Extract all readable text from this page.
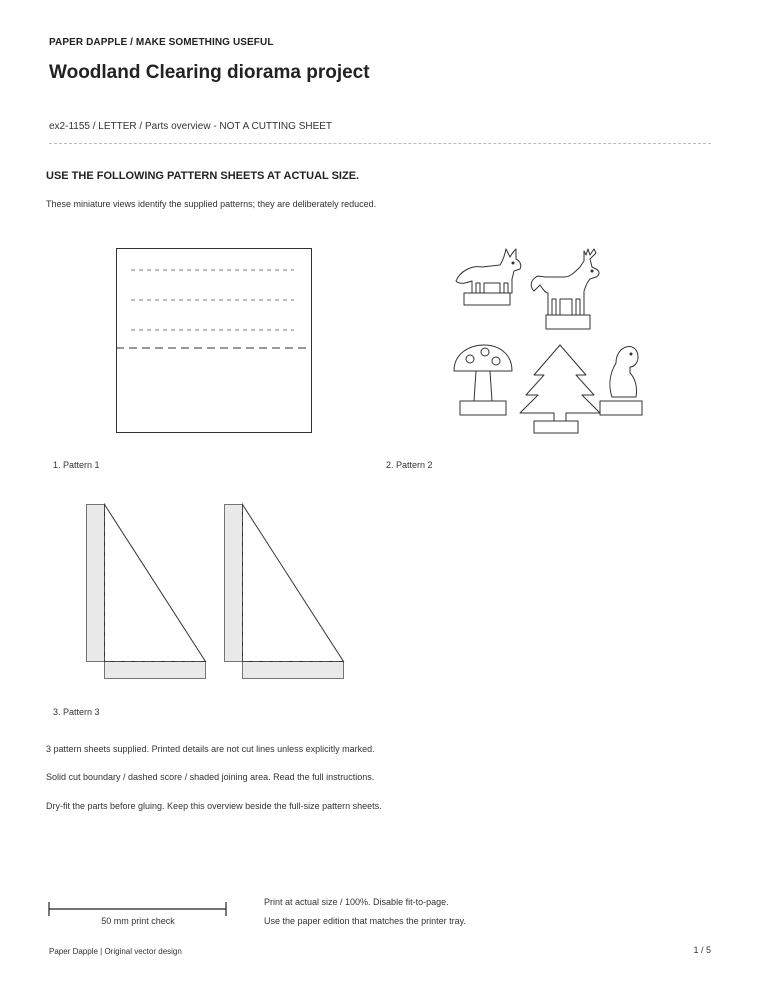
PAPER DAPPLE / MAKE SOMETHING USEFUL
Woodland Clearing diorama project
ex2-1155 / LETTER / Parts overview - NOT A CUTTING SHEET
USE THE FOLLOWING PATTERN SHEETS AT ACTUAL SIZE.
These miniature views identify the supplied patterns; they are deliberately reduced.
1. Pattern 1	2. Pattern 2
3. Pattern 3
3 pattern sheets supplied. Printed details are not cut lines unless explicitly marked.
Solid cut boundary / dashed score / shaded joining area. Read the full instructions.
Dry-fit the parts before gluing. Keep this overview beside the full-size pattern sheets.
50 mm print check
Print at actual size / 100%. Disable fit-to-page.
Use the paper edition that matches the printer tray.
Paper Dapple | Original vector design	1 / 5
